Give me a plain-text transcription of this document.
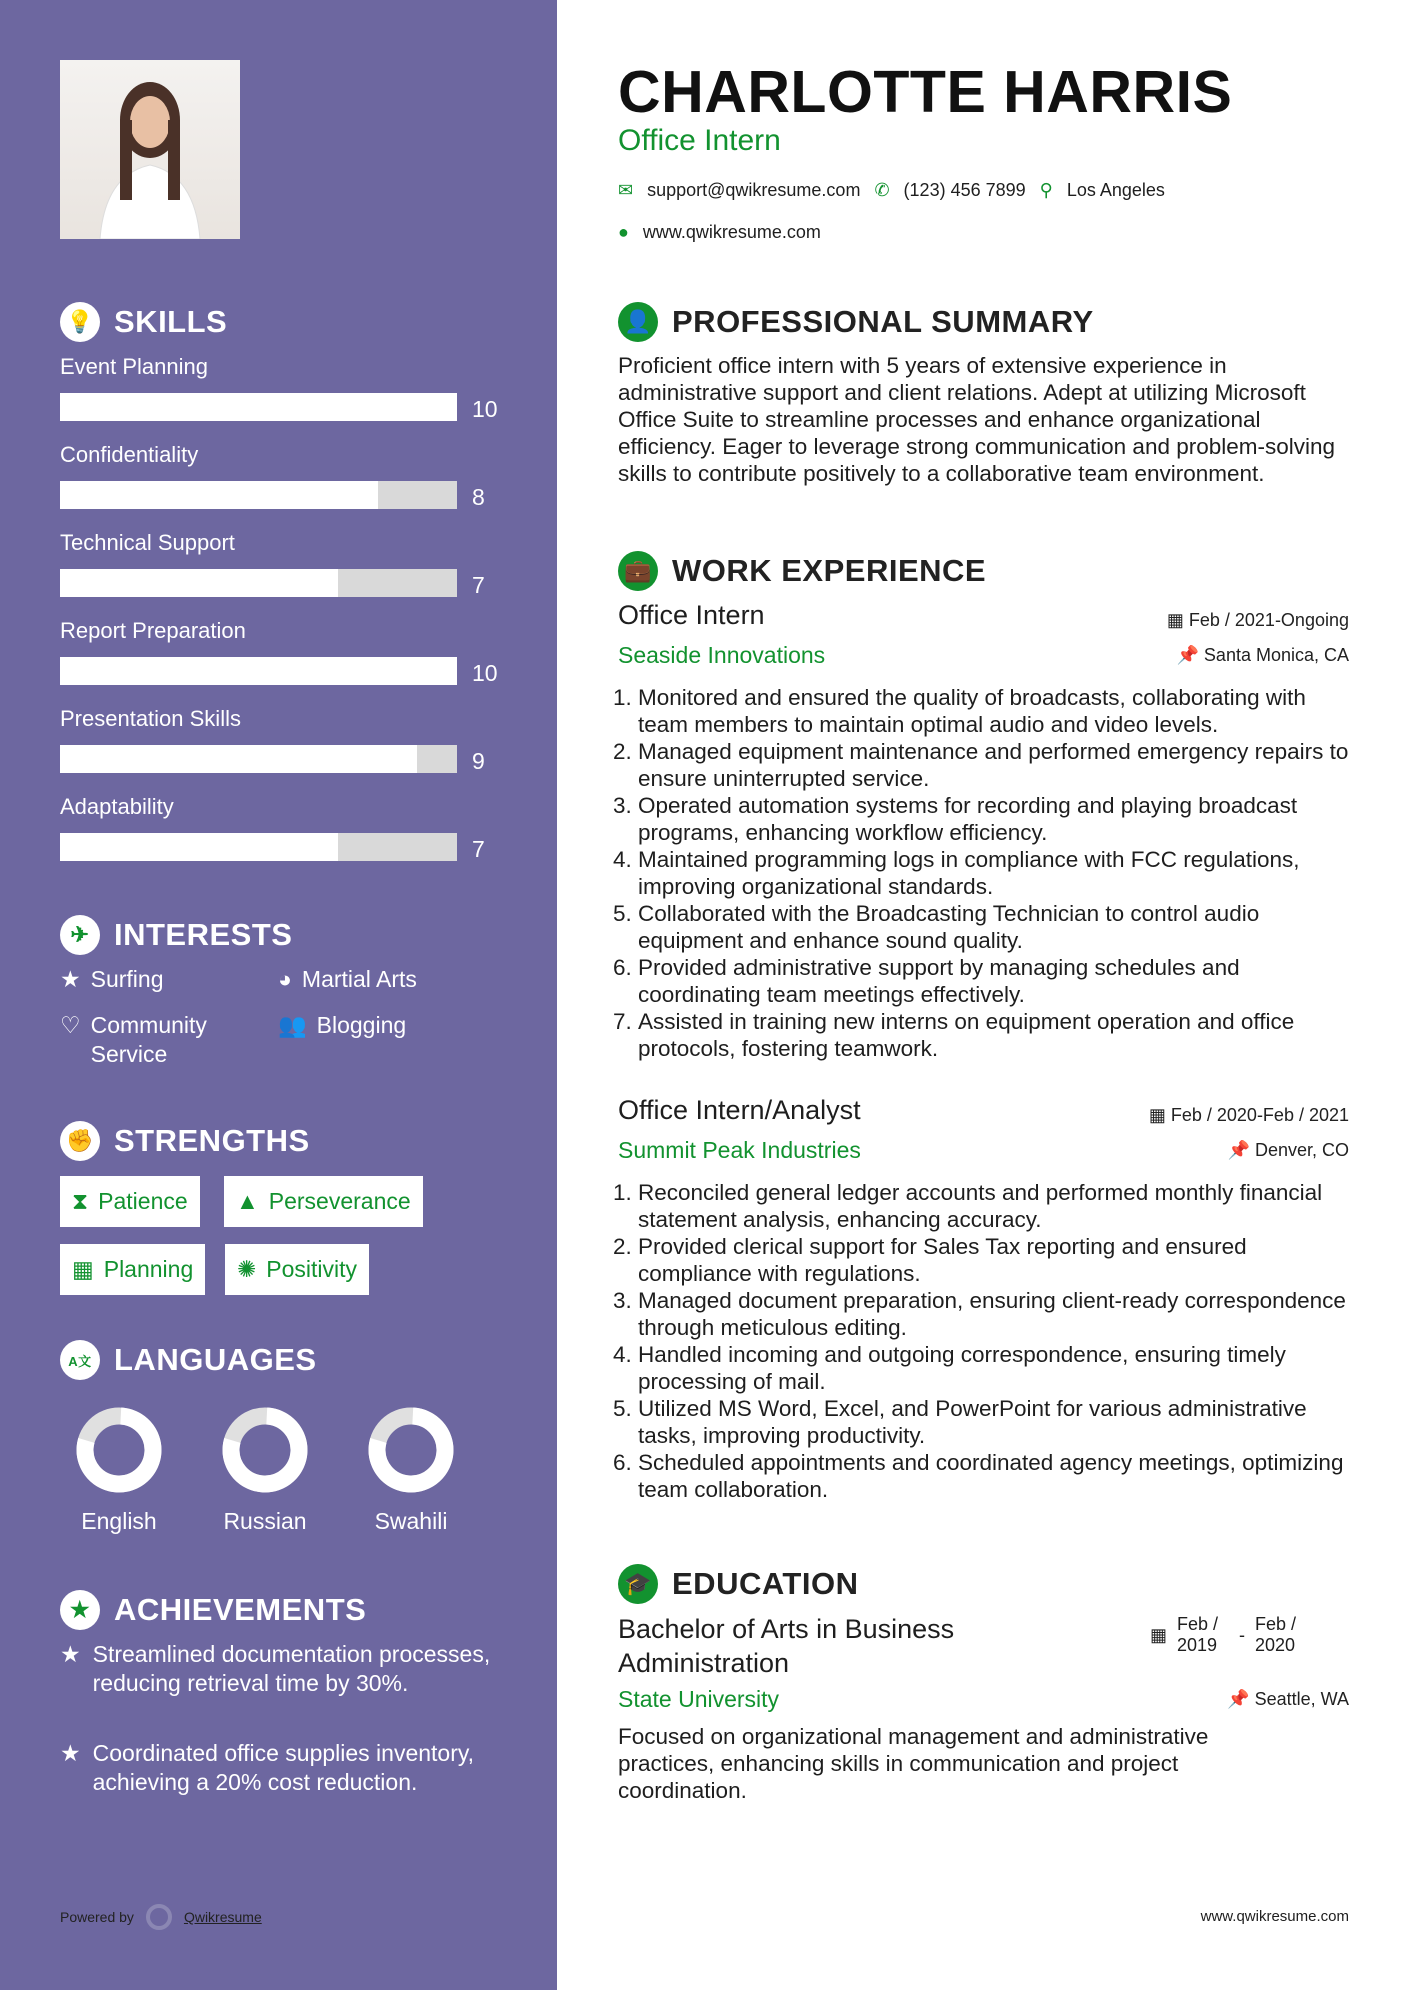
💡 SKILLS
Event Planning
10
Confidentiality
8
Technical Support
7
Report Preparation
10
Presentation Skills
9
Adaptability
7
✈ INTERESTS
★ Surfing	◕ Martial Arts
♡ Community Service
👥 Blogging
✊ STRENGTHS
⧗ Patience ▲ Perseverance
▦ Planning ✺ Positivity
A文 LANGUAGES
English	Russian	Swahili
★ ACHIEVEMENTS
★ Streamlined documentation processes, reducing retrieval time by 30%.
★ Coordinated office supplies inventory, achieving a 20% cost reduction.
Powered by	Qwikresume
CHARLOTTE HARRIS
Office Intern
✉ support@qwikresume.com ✆ (123) 456 7899 ⚲ Los Angeles
● www.qwikresume.com
👤 PROFESSIONAL SUMMARY
Proficient office intern with 5 years of extensive experience in administrative support and client relations. Adept at utilizing Microsoft Office Suite to streamline processes and enhance organizational efficiency. Eager to leverage strong communication and problem-solving skills to contribute positively to a collaborative team environment.
💼 WORK EXPERIENCE
Office Intern	▦ Feb / 2021-Ongoing
Seaside Innovations	📌 Santa Monica, CA
1. Monitored and ensured the quality of broadcasts, collaborating with team members to maintain optimal audio and video levels.
2. Managed equipment maintenance and performed emergency repairs to ensure uninterrupted service.
3. Operated automation systems for recording and playing broadcast programs, enhancing workflow efficiency.
4. Maintained programming logs in compliance with FCC regulations, improving organizational standards.
5. Collaborated with the Broadcasting Technician to control audio equipment and enhance sound quality.
6. Provided administrative support by managing schedules and coordinating team meetings effectively.
7. Assisted in training new interns on equipment operation and office protocols, fostering teamwork.
Office Intern/Analyst	▦ Feb / 2020-Feb / 2021
Summit Peak Industries	📌 Denver, CO
1. Reconciled general ledger accounts and performed monthly financial statement analysis, enhancing accuracy.
2. Provided clerical support for Sales Tax reporting and ensured compliance with regulations.
3. Managed document preparation, ensuring client-ready correspondence through meticulous editing.
4. Handled incoming and outgoing correspondence, ensuring timely processing of mail.
5. Utilized MS Word, Excel, and PowerPoint for various administrative tasks, improving productivity.
6. Scheduled appointments and coordinated agency meetings, optimizing team collaboration.
🎓 EDUCATION
Bachelor of Arts in Business Administration
▦
Feb / 2019
-
Feb / 2020
State University	📌 Seattle, WA
Focused on organizational management and administrative practices, enhancing skills in communication and project coordination.
www.qwikresume.com
